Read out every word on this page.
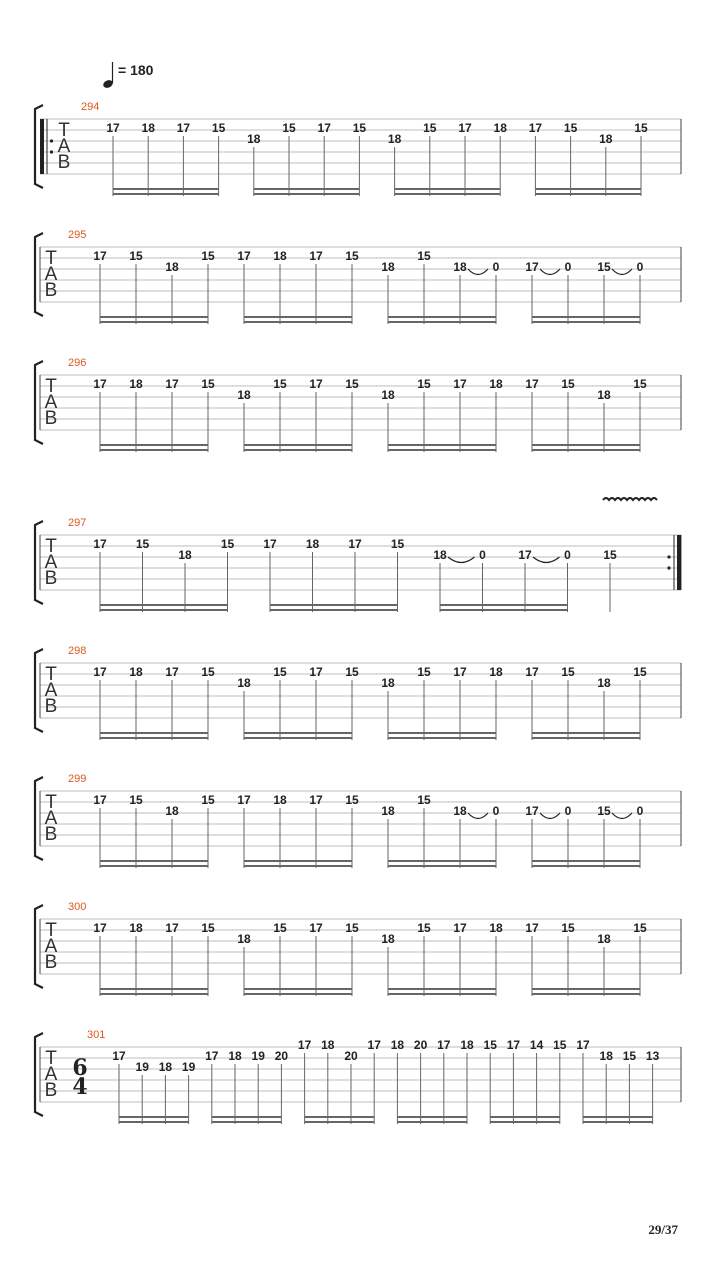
= 180
294
T
A
B
17 18 17 15
18
15 17 15
18
15 17 18 17 15
18
15
295
T
A
B
17 15
18
15 17 18 17 15
18
15
18 0 17 0 15 0
296
T
A
B
17 18 17 15
18
15 17 15
18
15 17 18 17 15
18
15
297
T
A
B
17 15
18
15 17 18 17 15
18	0	17	0	15
298
T
A
B
17 18 17 15
18
15 17 15
18
15 17 18 17 15
18
15
299
T
A
B
17 15
18
15 17 18 17 15
18
15
18 0 17 0 15 0
300
T
A
B
17 18 17 15
18
15 17 15
18
15 17 18 17 15
18
15
301
T
A
B
6
4
17
19 18 19
17 18 19 20
17 18
20
17 18 20 17 18 15 17 14 15 17
18 15 13
29/37
